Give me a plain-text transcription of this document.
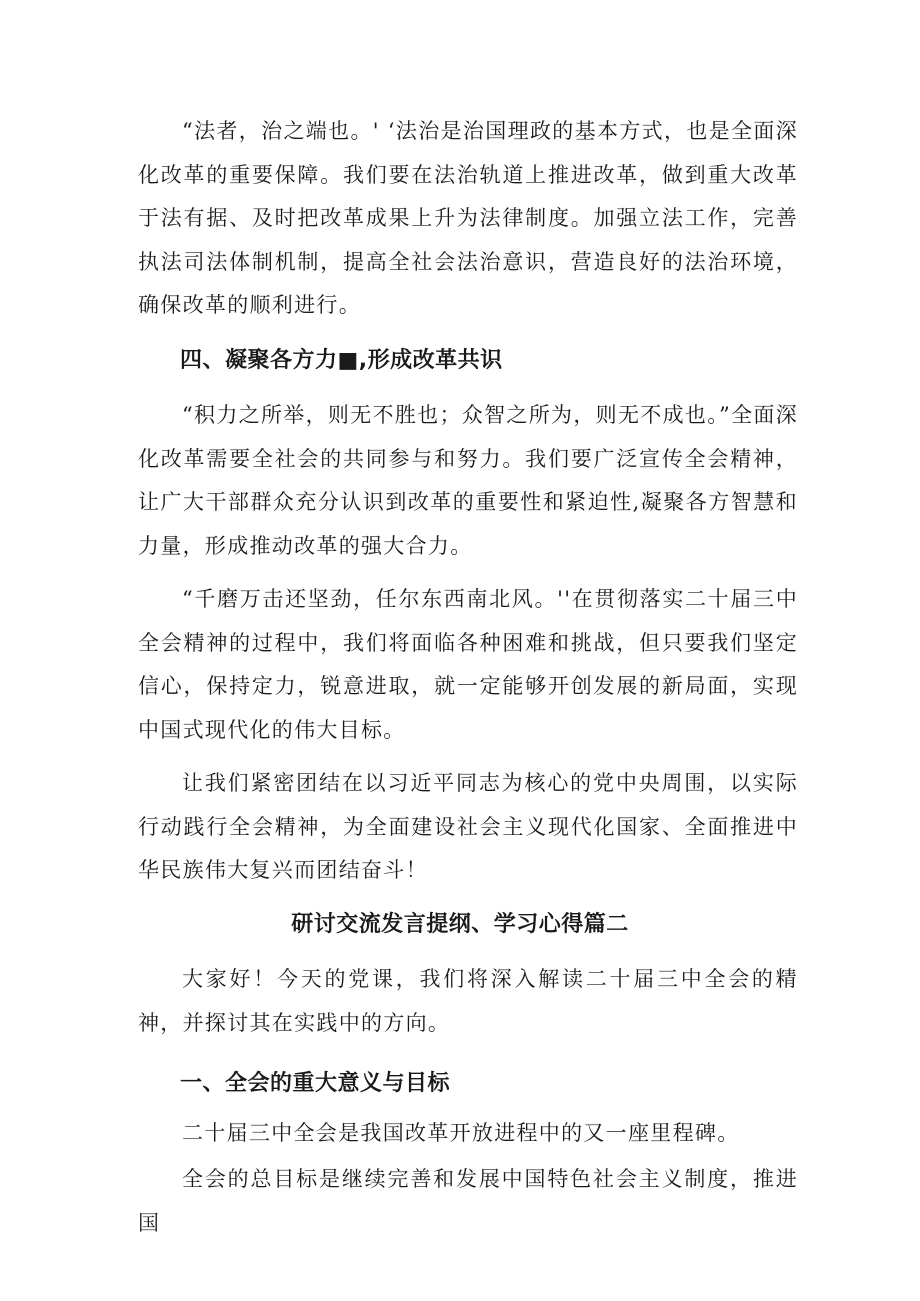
“法者，治之端也。' ‘法治是治国理政的基本方式，也是全面深化改革的重要保障。我们要在法治轨道上推进改革，做到重大改革于法有据、及时把改革成果上升为法律制度。加强立法工作，完善执法司法体制机制，提高全社会法治意识，营造良好的法治环境，确保改革的顺利进行。

四、凝聚各方力■,形成改革共识

“积力之所举，则无不胜也；众智之所为，则无不成也。”全面深化改革需要全社会的共同参与和努力。我们要广泛宣传全会精神，让广大干部群众充分认识到改革的重要性和紧迫性,凝聚各方智慧和力量，形成推动改革的强大合力。

“千磨万击还坚劲，任尔东西南北风。''在贯彻落实二十届三中全会精神的过程中，我们将面临各种困难和挑战，但只要我们坚定信心，保持定力，锐意进取，就一定能够开创发展的新局面，实现中国式现代化的伟大目标。

让我们紧密团结在以习近平同志为核心的党中央周围，以实际行动践行全会精神，为全面建设社会主义现代化国家、全面推进中华民族伟大复兴而团结奋斗！

研讨交流发言提纲、学习心得篇二

大家好！今天的党课，我们将深入解读二十届三中全会的精神，并探讨其在实践中的方向。

一、全会的重大意义与目标

二十届三中全会是我国改革开放进程中的又一座里程碑。

全会的总目标是继续完善和发展中国特色社会主义制度，推进国
